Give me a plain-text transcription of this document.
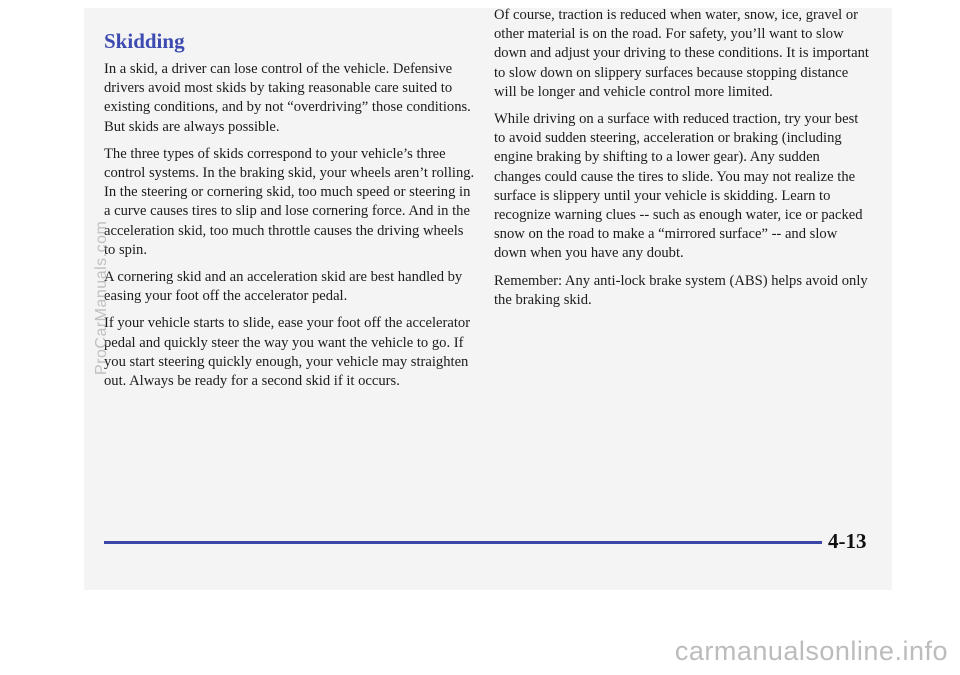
Skidding

In a skid, a driver can lose control of the vehicle. Defensive drivers avoid most skids by taking reasonable care suited to existing conditions, and by not “overdriving” those conditions. But skids are always possible.

The three types of skids correspond to your vehicle’s three control systems. In the braking skid, your wheels aren’t rolling. In the steering or cornering skid, too much speed or steering in a curve causes tires to slip and lose cornering force. And in the acceleration skid, too much throttle causes the driving wheels to spin.

A cornering skid and an acceleration skid are best handled by easing your foot off the accelerator pedal.

If your vehicle starts to slide, ease your foot off the accelerator pedal and quickly steer the way you want the vehicle to go. If you start steering quickly enough, your vehicle may straighten out. Always be ready for a second skid if it occurs.

Of course, traction is reduced when water, snow, ice, gravel or other material is on the road. For safety, you’ll want to slow down and adjust your driving to these conditions. It is important to slow down on slippery surfaces because stopping distance will be longer and vehicle control more limited.

While driving on a surface with reduced traction, try your best to avoid sudden steering, acceleration or braking (including engine braking by shifting to a lower gear). Any sudden changes could cause the tires to slide. You may not realize the surface is slippery until your vehicle is skidding. Learn to recognize warning clues -- such as enough water, ice or packed snow on the road to make a “mirrored surface” -- and slow down when you have any doubt.

Remember: Any anti-lock brake system (ABS) helps avoid only the braking skid.

4-13
ProCarManuals.com
carmanualsonline.info
